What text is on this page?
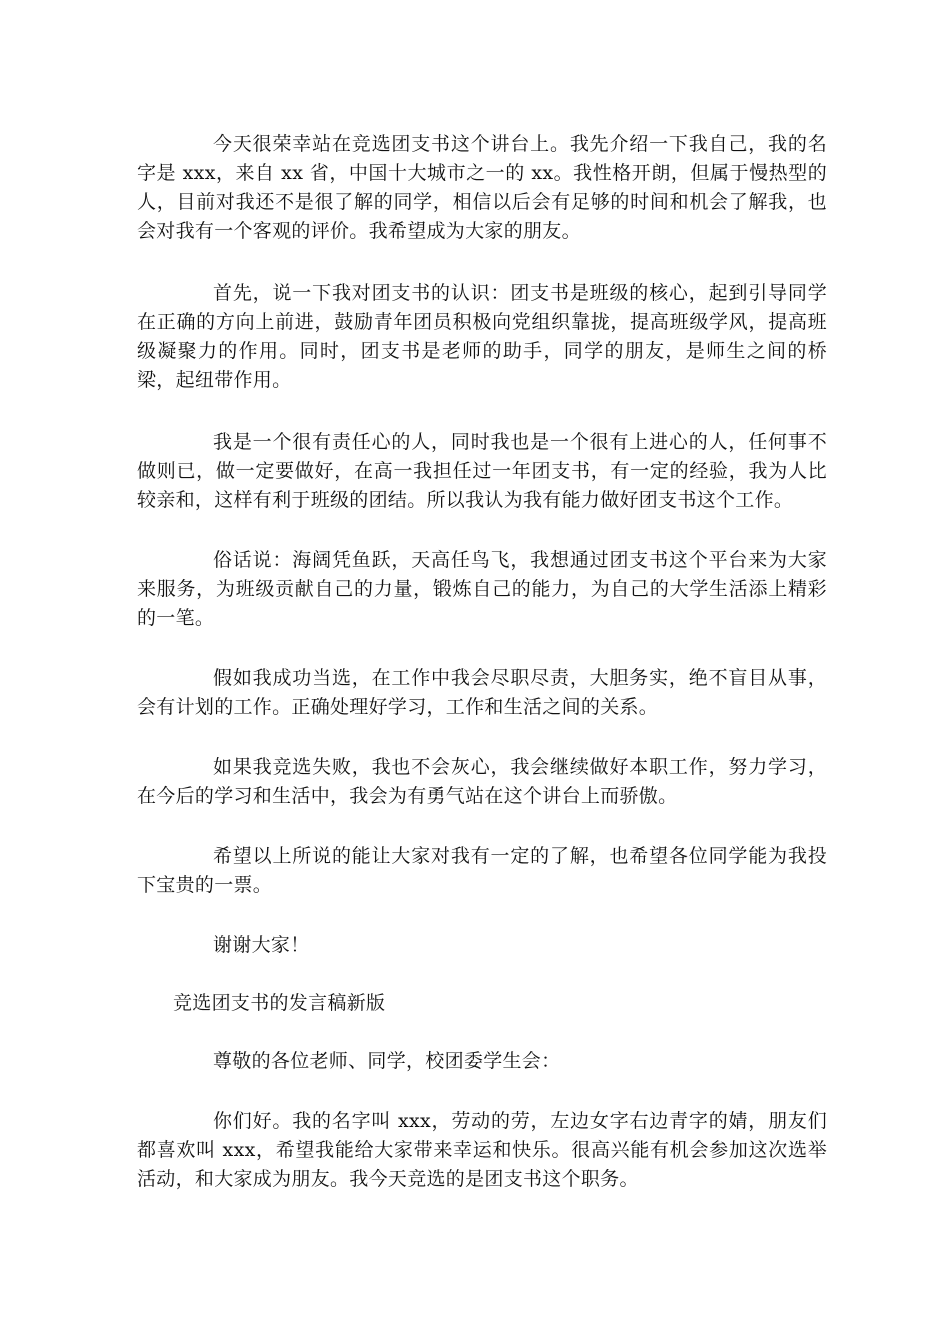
今天很荣幸站在竞选团支书这个讲台上。我先介绍一下我自己，我的名字是 xxx，来自 xx 省，中国十大城市之一的 xx。我性格开朗，但属于慢热型的人，目前对我还不是很了解的同学，相信以后会有足够的时间和机会了解我，也会对我有一个客观的评价。我希望成为大家的朋友。

首先，说一下我对团支书的认识：团支书是班级的核心，起到引导同学在正确的方向上前进，鼓励青年团员积极向党组织靠拢，提高班级学风，提高班级凝聚力的作用。同时，团支书是老师的助手，同学的朋友，是师生之间的桥梁，起纽带作用。

我是一个很有责任心的人，同时我也是一个很有上进心的人，任何事不做则已，做一定要做好，在高一我担任过一年团支书，有一定的经验，我为人比较亲和，这样有利于班级的团结。所以我认为我有能力做好团支书这个工作。

俗话说：海阔凭鱼跃，天高任鸟飞，我想通过团支书这个平台来为大家来服务，为班级贡献自己的力量，锻炼自己的能力，为自己的大学生活添上精彩的一笔。

假如我成功当选，在工作中我会尽职尽责，大胆务实，绝不盲目从事，会有计划的工作。正确处理好学习，工作和生活之间的关系。

如果我竞选失败，我也不会灰心，我会继续做好本职工作，努力学习，在今后的学习和生活中，我会为有勇气站在这个讲台上而骄傲。

希望以上所说的能让大家对我有一定的了解，也希望各位同学能为我投下宝贵的一票。

谢谢大家！

竞选团支书的发言稿新版

尊敬的各位老师、同学，校团委学生会：

你们好。我的名字叫 xxx，劳动的劳，左边女字右边青字的婧，朋友们都喜欢叫 xxx，希望我能给大家带来幸运和快乐。很高兴能有机会参加这次选举活动，和大家成为朋友。我今天竞选的是团支书这个职务。
